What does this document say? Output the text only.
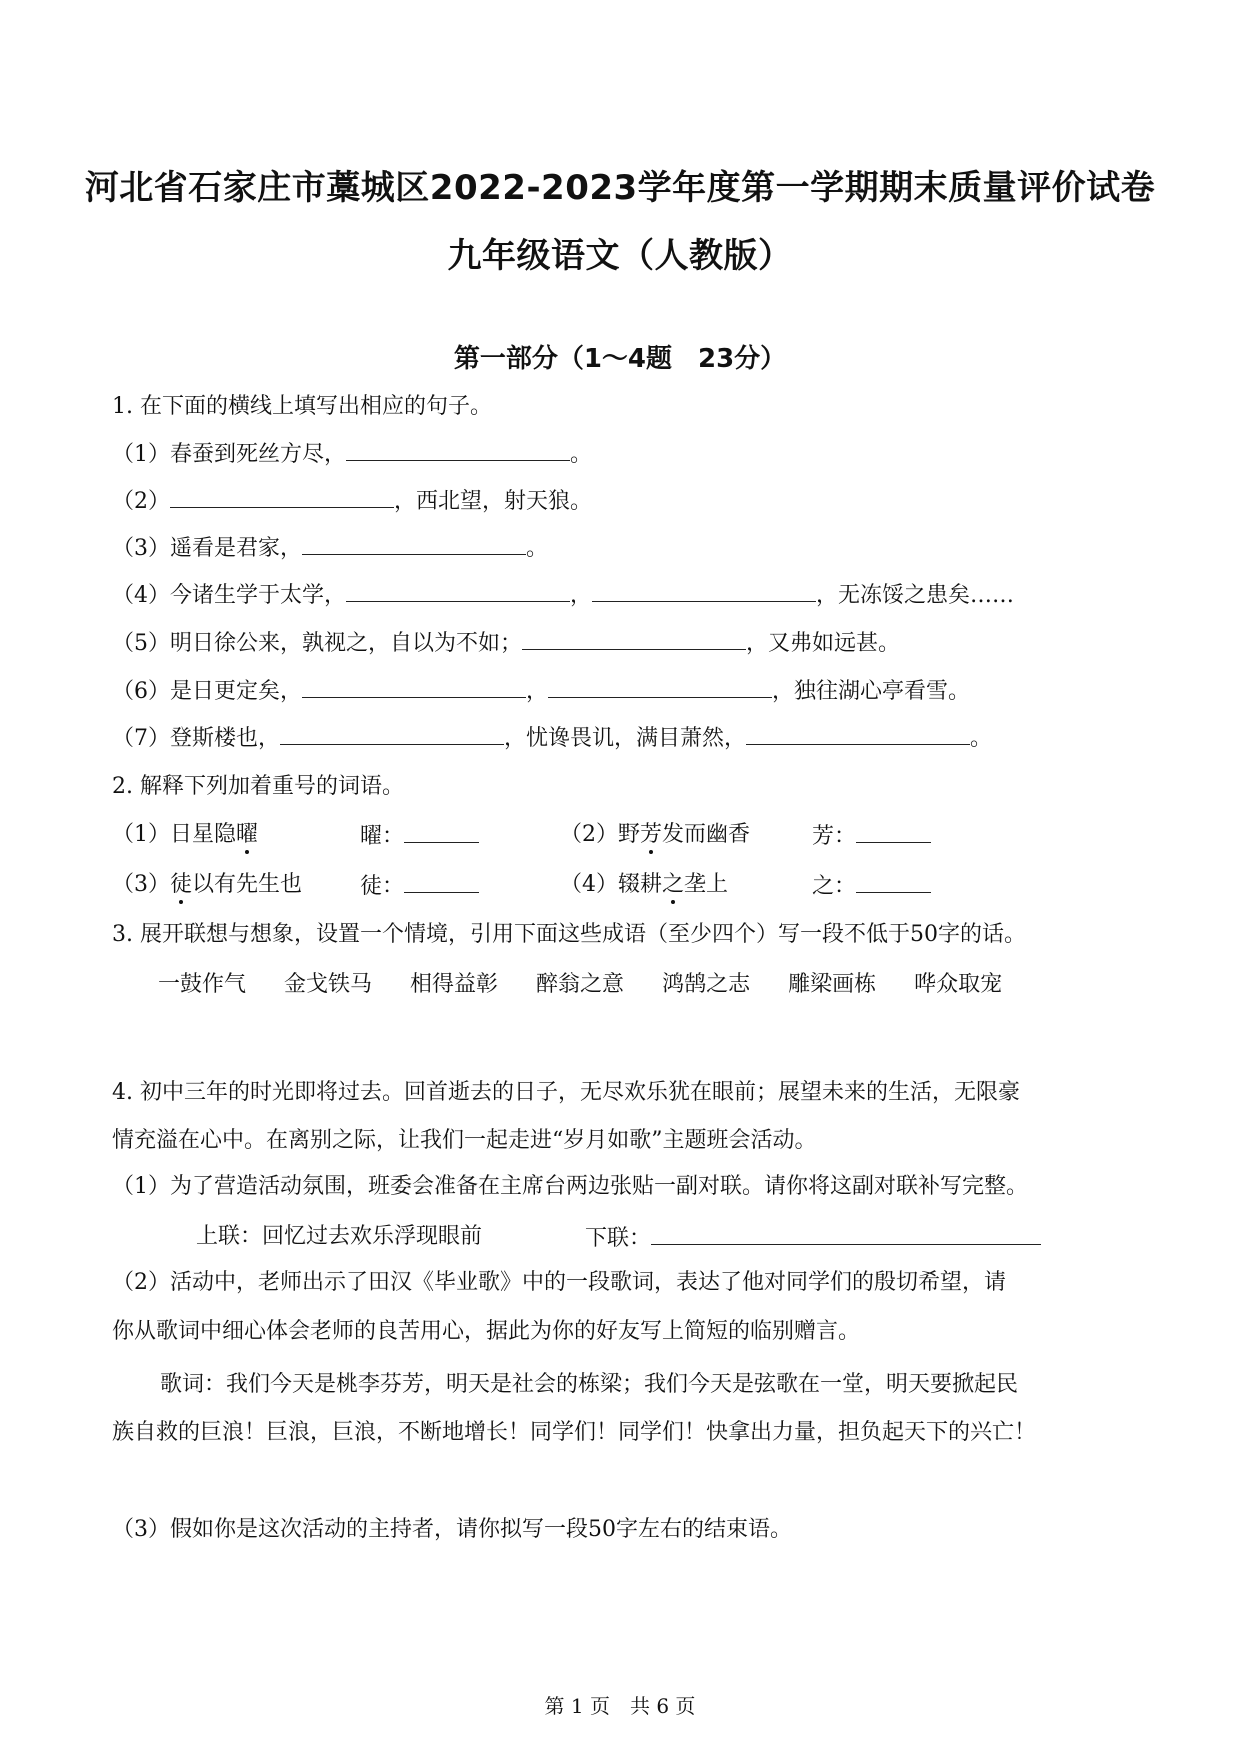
河北省石家庄市藁城区2022-2023学年度第一学期期末质量评价试卷
九年级语文（人教版）
第一部分（1～4题　23分）
1. 在下面的横线上填写出相应的句子。
（1）春蚕到死丝方尽，	。
（2）	，西北望，射天狼。
（3）遥看是君家，	。
（4）今诸生学于太学，	，	，无冻馁之患矣……
（5）明日徐公来，孰视之，自以为不如；	，又弗如远甚。
（6）是日更定矣，	，	，独往湖心亭看雪。
（7）登斯楼也，	，忧谗畏讥，满目萧然，	。
2. 解释下列加着重号的词语。
（1）日星隐曜	曜：	（2）野芳发而幽香	芳：
（3）徒以有先生也	徒：	（4）辍耕之垄上	之：
3. 展开联想与想象，设置一个情境，引用下面这些成语（至少四个）写一段不低于50字的话。
一鼓作气 金戈铁马 相得益彰 醉翁之意 鸿鹄之志 雕梁画栋 哗众取宠
4. 初中三年的时光即将过去。回首逝去的日子，无尽欢乐犹在眼前；展望未来的生活，无限豪
情充溢在心中。在离别之际，让我们一起走进“岁月如歌”主题班会活动。
（1）为了营造活动氛围，班委会准备在主席台两边张贴一副对联。请你将这副对联补写完整。
上联：回忆过去欢乐浮现眼前	下联：
（2）活动中，老师出示了田汉《毕业歌》中的一段歌词，表达了他对同学们的殷切希望，请
你从歌词中细心体会老师的良苦用心，据此为你的好友写上简短的临别赠言。
歌词：我们今天是桃李芬芳，明天是社会的栋梁；我们今天是弦歌在一堂，明天要掀起民
族自救的巨浪！巨浪，巨浪，不断地增长！同学们！同学们！快拿出力量，担负起天下的兴亡！
（3）假如你是这次活动的主持者，请你拟写一段50字左右的结束语。
第 1 页　共 6 页
